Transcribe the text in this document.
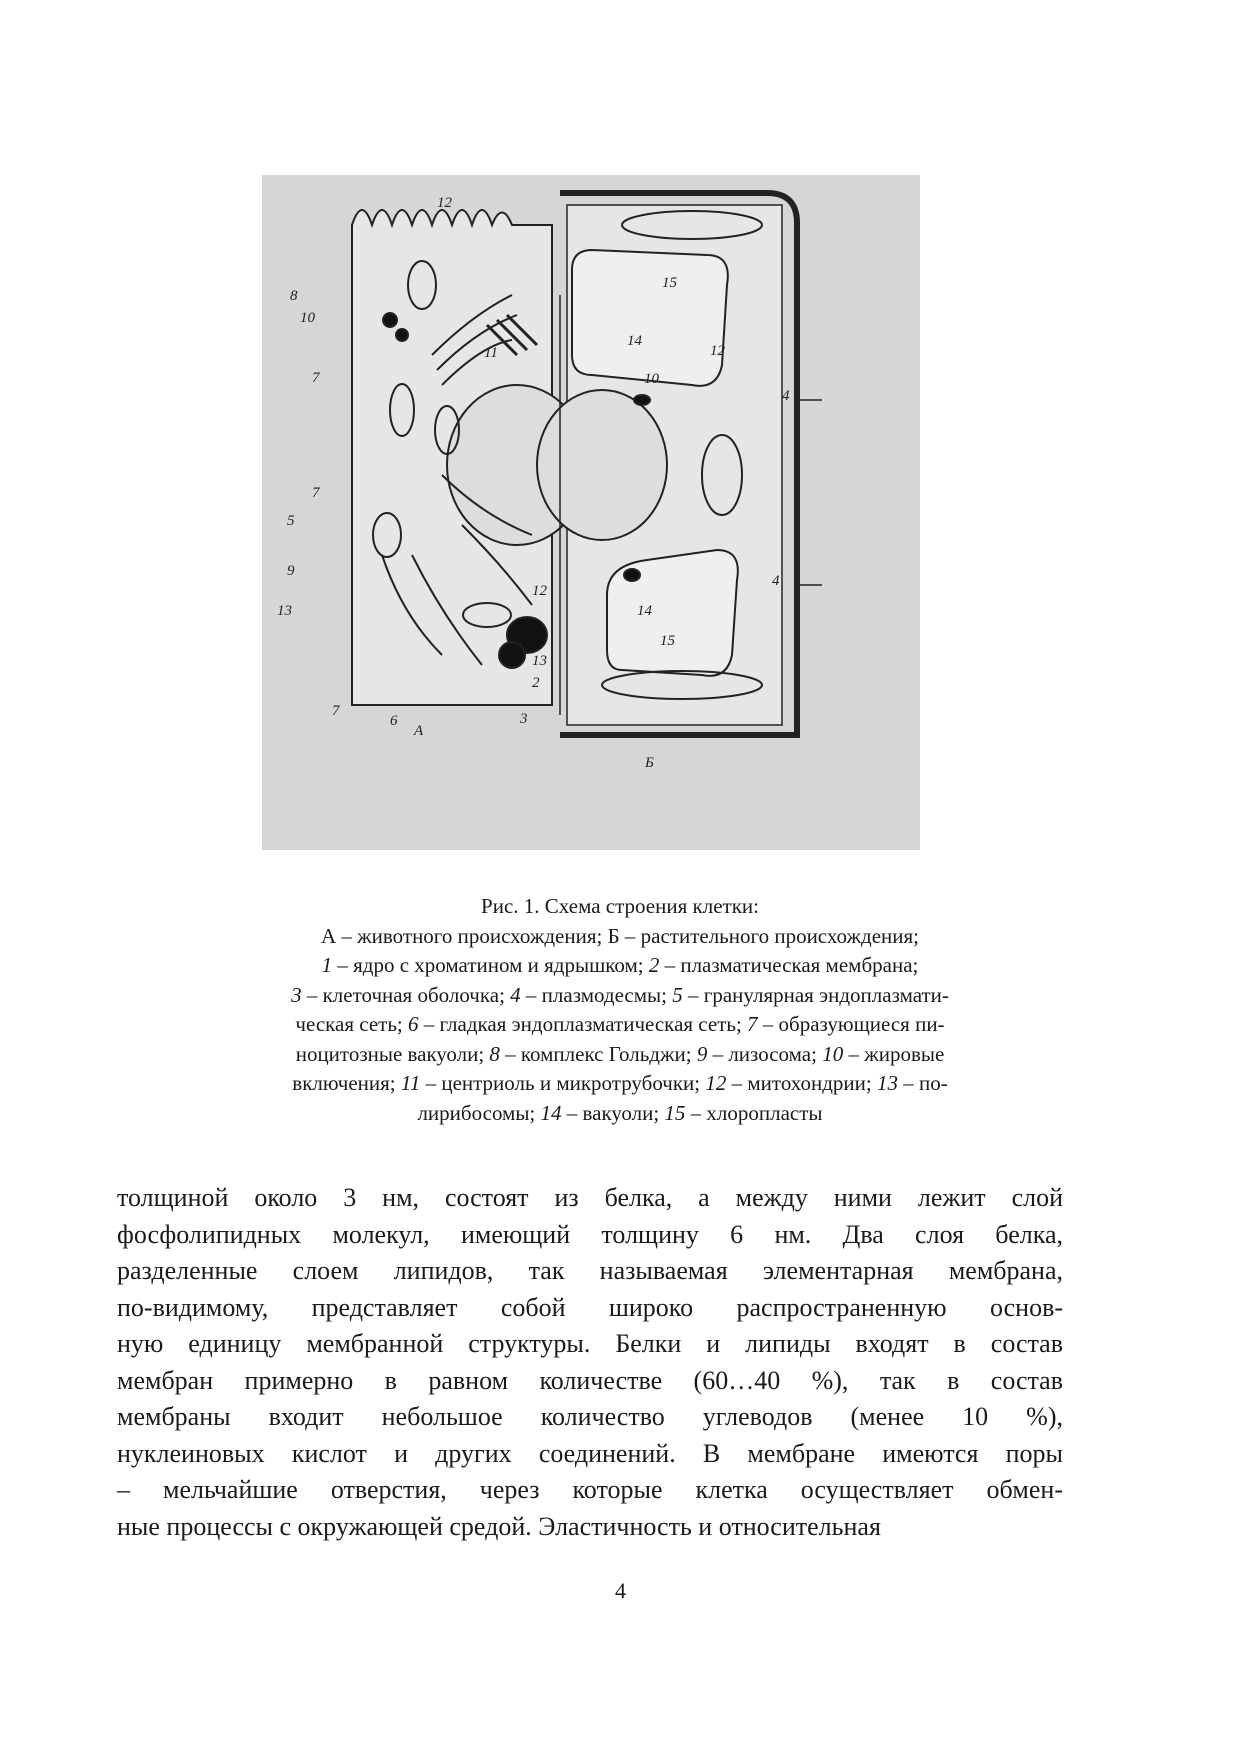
12
8
10
11
7
7
5
9
13
7
6
А
13
12
2
15
14
12
10
4
4
14
15
3
Б
Рис. 1. Схема строения клетки:
А – животного происхождения; Б – растительного происхождения;
1 – ядро с хроматином и ядрышком; 2 – плазматическая мембрана;
3 – клеточная оболочка; 4 – плазмодесмы; 5 – гранулярная эндоплазмати-
ческая сеть; 6 – гладкая эндоплазматическая сеть; 7 – образующиеся пи-
ноцитозные вакуоли; 8 – комплекс Гольджи; 9 – лизосома; 10 – жировые
включения; 11 – центриоль и микротрубочки; 12 – митохондрии; 13 – по-
лирибосомы; 14 – вакуоли; 15 – хлоропласты
толщиной около 3 нм, состоят из белка, а между ними лежит слой
фосфолипидных молекул, имеющий толщину 6 нм. Два слоя белка,
разделенные слоем липидов, так называемая элементарная мембрана,
по-видимому, представляет собой широко распространенную основ-
ную единицу мембранной структуры. Белки и липиды входят в состав
мембран примерно в равном количестве (60…40 %), так в состав
мембраны входит небольшое количество углеводов (менее 10 %),
нуклеиновых кислот и других соединений. В мембране имеются поры
– мельчайшие отверстия, через которые клетка осуществляет обмен-
ные процессы с окружающей средой. Эластичность и относительная
4
